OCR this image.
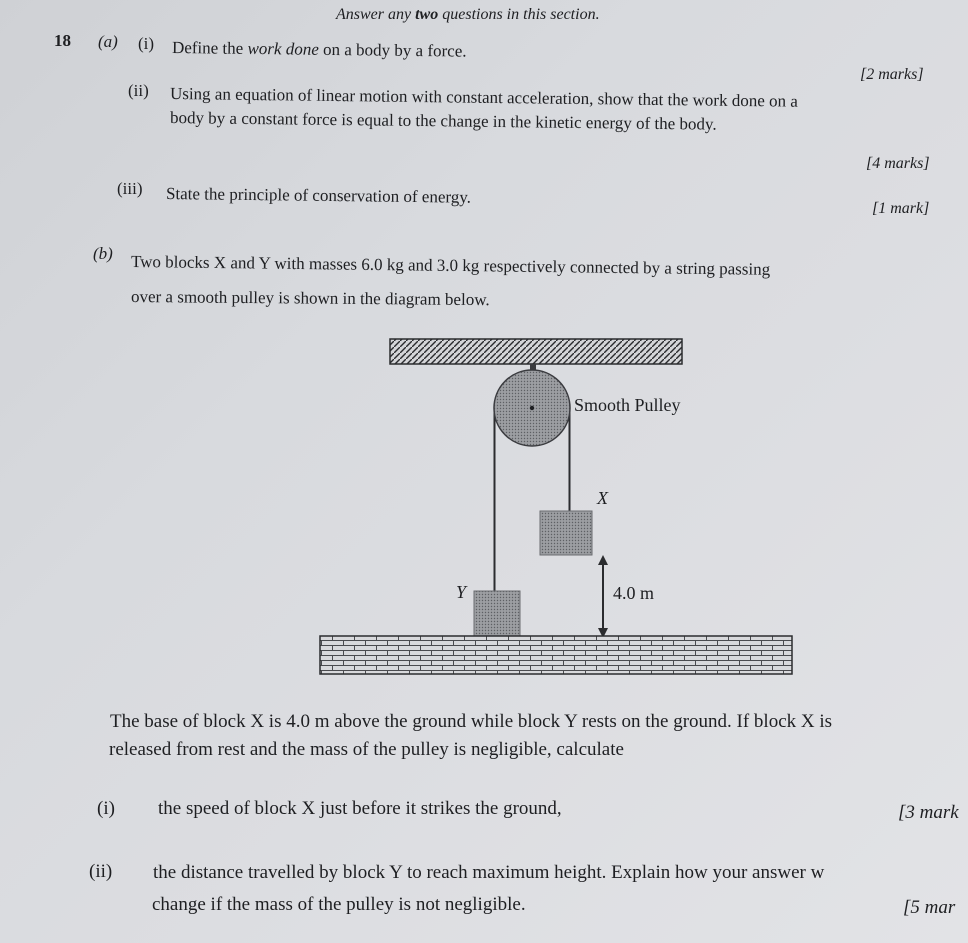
Answer any two questions in this section.
18 (a) (i) Define the work done on a body by a force.
[2 marks]
(ii) Using an equation of linear motion with constant acceleration, show that the work done on a
body by a constant force is equal to the change in the kinetic energy of the body.
[4 marks]
(iii) State the principle of conservation of energy.
[1 mark]
(b) Two blocks X and Y with masses 6.0 kg and 3.0 kg respectively connected by a string passing
over a smooth pulley is shown in the diagram below.
Smooth Pulley
X
Y	4.0 m
The base of block X is 4.0 m above the ground while block Y rests on the ground. If block X is
released from rest and the mass of the pulley is negligible, calculate
(i) the speed of block X just before it strikes the ground,	[3 mark
(ii) the distance travelled by block Y to reach maximum height. Explain how your answer w
change if the mass of the pulley is not negligible.	[5 mar
